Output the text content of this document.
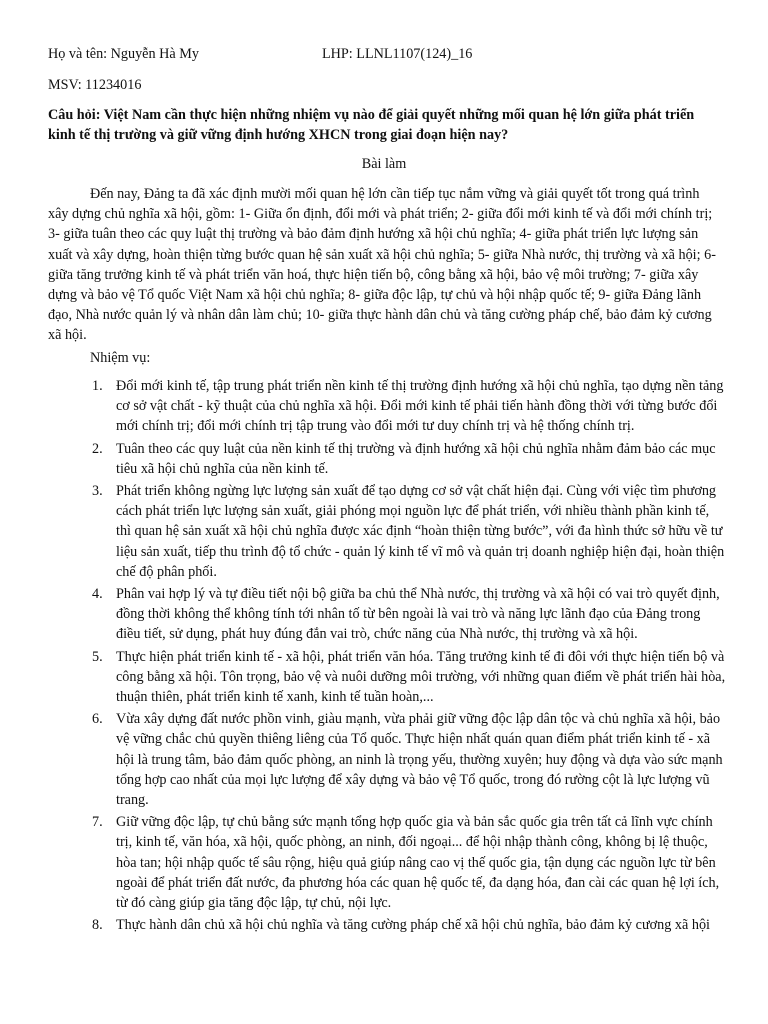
Họ và tên: Nguyễn Hà My	LHP: LLNL1107(124)_16
MSV: 11234016
Câu hỏi: Việt Nam cần thực hiện những nhiệm vụ nào để giải quyết những mối quan hệ lớn giữa phát triển kinh tế thị trường và giữ vững định hướng XHCN trong giai đoạn hiện nay?
Bài làm
Đến nay, Đảng ta đã xác định mười mối quan hệ lớn cần tiếp tục nắm vững và giải quyết tốt trong quá trình xây dựng chủ nghĩa xã hội, gồm: 1- Giữa ổn định, đổi mới và phát triển; 2- giữa đổi mới kinh tế và đổi mới chính trị; 3- giữa tuân theo các quy luật thị trường và bảo đảm định hướng xã hội chủ nghĩa; 4- giữa phát triển lực lượng sản xuất và xây dựng, hoàn thiện từng bước quan hệ sản xuất xã hội chủ nghĩa; 5- giữa Nhà nước, thị trường và xã hội; 6- giữa tăng trưởng kinh tế và phát triển văn hoá, thực hiện tiến bộ, công bằng xã hội, bảo vệ môi trường; 7- giữa xây dựng và bảo vệ Tổ quốc Việt Nam xã hội chủ nghĩa; 8- giữa độc lập, tự chủ và hội nhập quốc tế; 9- giữa Đảng lãnh đạo, Nhà nước quản lý và nhân dân làm chủ; 10- giữa thực hành dân chủ và tăng cường pháp chế, bảo đảm kỷ cương xã hội.
Nhiệm vụ:
1. Đổi mới kinh tế, tập trung phát triển nền kinh tế thị trường định hướng xã hội chủ nghĩa, tạo dựng nền tảng cơ sở vật chất - kỹ thuật của chủ nghĩa xã hội. Đổi mới kinh tế phải tiến hành đồng thời với từng bước đổi mới chính trị; đổi mới chính trị tập trung vào đổi mới tư duy chính trị và hệ thống chính trị.
2. Tuân theo các quy luật của nền kinh tế thị trường và định hướng xã hội chủ nghĩa nhằm đảm bảo các mục tiêu xã hội chủ nghĩa của nền kinh tế.
3. Phát triển không ngừng lực lượng sản xuất để tạo dựng cơ sở vật chất hiện đại. Cùng với việc tìm phương cách phát triển lực lượng sản xuất, giải phóng mọi nguồn lực để phát triển, với nhiều thành phần kinh tế, thì quan hệ sản xuất xã hội chủ nghĩa được xác định “hoàn thiện từng bước”, với đa hình thức sở hữu về tư liệu sản xuất, tiếp thu trình độ tổ chức - quản lý kinh tế vĩ mô và quản trị doanh nghiệp hiện đại, hoàn thiện chế độ phân phối.
4. Phân vai hợp lý và tự điều tiết nội bộ giữa ba chủ thể Nhà nước, thị trường và xã hội có vai trò quyết định, đồng thời không thể không tính tới nhân tố từ bên ngoài là vai trò và năng lực lãnh đạo của Đảng trong điều tiết, sử dụng, phát huy đúng đắn vai trò, chức năng của Nhà nước, thị trường và xã hội.
5. Thực hiện phát triển kinh tế - xã hội, phát triển văn hóa. Tăng trưởng kinh tế đi đôi với thực hiện tiến bộ và công bằng xã hội. Tôn trọng, bảo vệ và nuôi dưỡng môi trường, với những quan điểm về phát triển hài hòa, thuận thiên, phát triển kinh tế xanh, kinh tế tuần hoàn,...
6. Vừa xây dựng đất nước phồn vinh, giàu mạnh, vừa phải giữ vững độc lập dân tộc và chủ nghĩa xã hội, bảo vệ vững chắc chủ quyền thiêng liêng của Tổ quốc. Thực hiện nhất quán quan điểm phát triển kinh tế - xã hội là trung tâm, bảo đảm quốc phòng, an ninh là trọng yếu, thường xuyên; huy động và dựa vào sức mạnh tổng hợp cao nhất của mọi lực lượng để xây dựng và bảo vệ Tổ quốc, trong đó rường cột là lực lượng vũ trang.
7. Giữ vững độc lập, tự chủ bằng sức mạnh tổng hợp quốc gia và bản sắc quốc gia trên tất cả lĩnh vực chính trị, kinh tế, văn hóa, xã hội, quốc phòng, an ninh, đối ngoại... để hội nhập thành công, không bị lệ thuộc, hòa tan; hội nhập quốc tế sâu rộng, hiệu quả giúp nâng cao vị thế quốc gia, tận dụng các nguồn lực từ bên ngoài để phát triển đất nước, đa phương hóa các quan hệ quốc tế, đa dạng hóa, đan cài các quan hệ lợi ích, từ đó càng giúp gia tăng độc lập, tự chủ, nội lực.
8. Thực hành dân chủ xã hội chủ nghĩa và tăng cường pháp chế xã hội chủ nghĩa, bảo đảm kỷ cương xã hội
